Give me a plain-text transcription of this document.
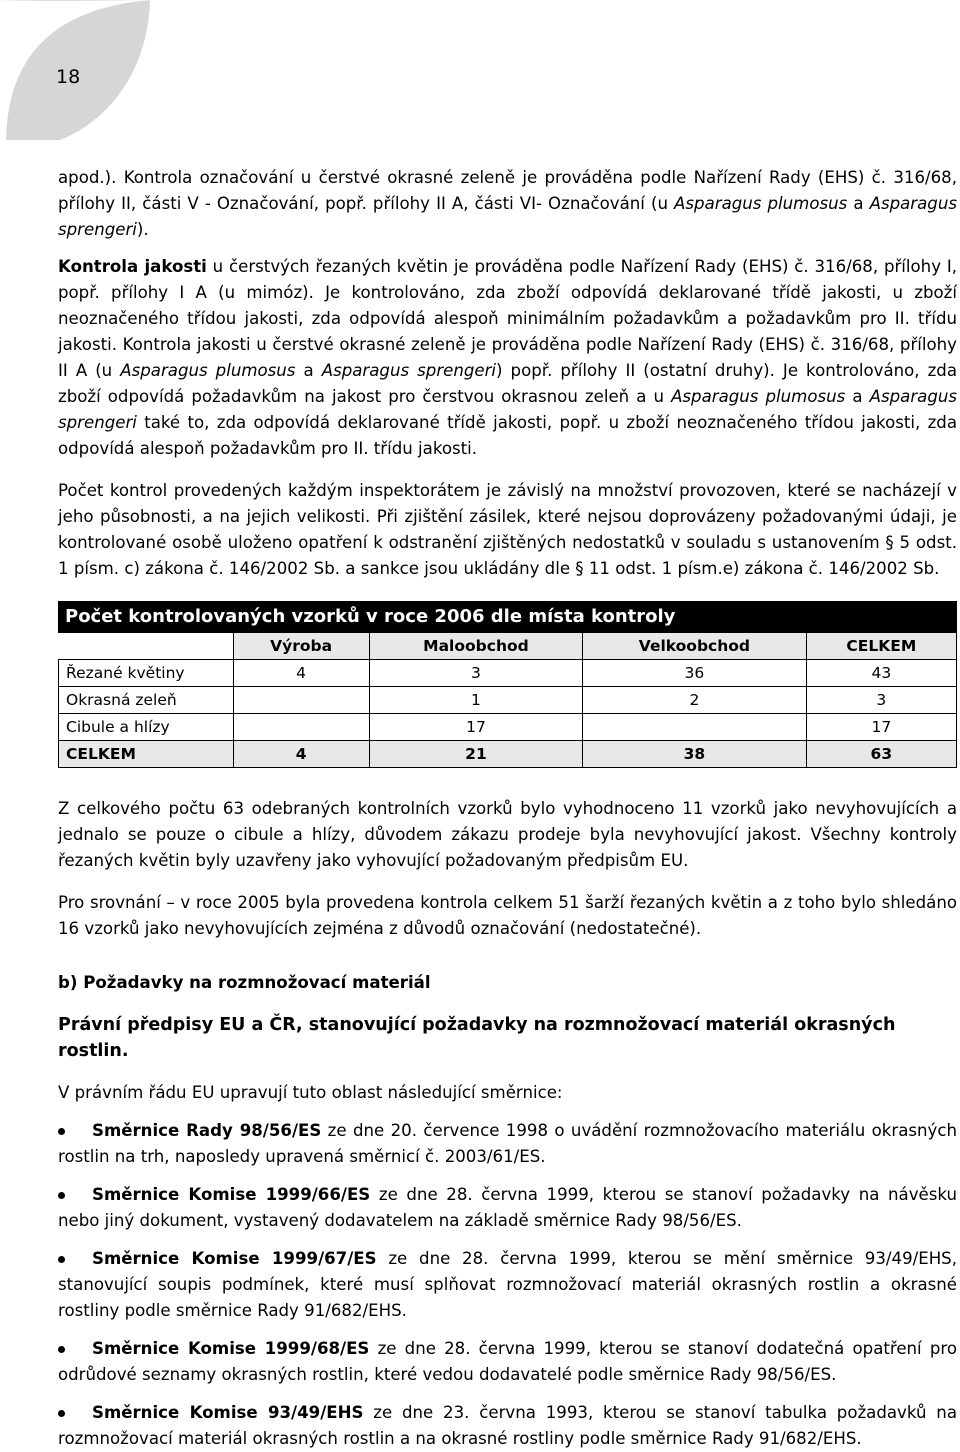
18

apod.). Kontrola označování u čerstvé okrasné zeleně je prováděna podle Nařízení Rady (EHS) č. 316/68, přílohy II, části V - Označování, popř. přílohy II A, části VI- Označování (u Asparagus plumosus a Asparagus sprengeri).

Kontrola jakosti u čerstvých řezaných květin je prováděna podle Nařízení Rady (EHS) č. 316/68, přílohy I, popř. přílohy I A (u mimóz). Je kontrolováno, zda zboží odpovídá deklarované třídě jakosti, u zboží neoznačeného třídou jakosti, zda odpovídá alespoň minimálním požadavkům a požadavkům pro II. třídu jakosti. Kontrola jakosti u čerstvé okrasné zeleně je prováděna podle Nařízení Rady (EHS) č. 316/68, přílohy II A (u Asparagus plumosus a Asparagus sprengeri) popř. přílohy II (ostatní druhy). Je kontrolováno, zda zboží odpovídá požadavkům na jakost pro čerstvou okrasnou zeleň a u Asparagus plumosus a Asparagus sprengeri také to, zda odpovídá deklarované třídě jakosti, popř. u zboží neoznačeného třídou jakosti, zda odpovídá alespoň požadavkům pro II. třídu jakosti.

Počet kontrol provedených každým inspektorátem je závislý na množství provozoven, které se nacházejí v jeho působnosti, a na jejich velikosti. Při zjištění zásilek, které nejsou doprovázeny požadovanými údaji, je kontrolované osobě uloženo opatření k odstranění zjištěných nedostatků v souladu s ustanovením § 5 odst. 1 písm. c) zákona č. 146/2002 Sb. a sankce jsou ukládány dle § 11 odst. 1 písm.e) zákona č. 146/2002 Sb.

Počet kontrolovaných vzorků v roce 2006 dle místa kontroly				
	Výroba	Maloobchod	Velkoobchod	CELKEM
Řezané květiny	4	3	36	43
Okrasná zeleň		1	2	3
Cibule a hlízy		17		17
CELKEM	4	21	38	63

Z celkového počtu 63 odebraných kontrolních vzorků bylo vyhodnoceno 11 vzorků jako nevyhovujících a jednalo se pouze o cibule a hlízy, důvodem zákazu prodeje byla nevyhovující jakost. Všechny kontroly řezaných květin byly uzavřeny jako vyhovující požadovaným předpisům EU.

Pro srovnání – v roce 2005 byla provedena kontrola celkem 51 šarží řezaných květin a z toho bylo shledáno 16 vzorků jako nevyhovujících zejména z důvodů označování (nedostatečné).

b) Požadavky na rozmnožovací materiál

Právní předpisy EU a ČR, stanovující požadavky na rozmnožovací materiál okrasných rostlin.

V právním řádu EU upravují tuto oblast následující směrnice:

Směrnice Rady 98/56/ES ze dne 20. července 1998 o uvádění rozmnožovacího materiálu okrasných rostlin na trh, naposledy upravená směrnicí č. 2003/61/ES.

Směrnice Komise 1999/66/ES ze dne 28. června 1999, kterou se stanoví požadavky na návěsku nebo jiný dokument, vystavený dodavatelem na základě směrnice Rady 98/56/ES.

Směrnice Komise 1999/67/ES ze dne 28. června 1999, kterou se mění směrnice 93/49/EHS, stanovující soupis podmínek, které musí splňovat rozmnožovací materiál okrasných rostlin a okrasné rostliny podle směrnice Rady 91/682/EHS.

Směrnice Komise 1999/68/ES ze dne 28. června 1999, kterou se stanoví dodatečná opatření pro odrůdové seznamy okrasných rostlin, které vedou dodavatelé podle směrnice Rady 98/56/ES.

Směrnice Komise 93/49/EHS ze dne 23. června 1993, kterou se stanoví tabulka požadavků na rozmnožovací materiál okrasných rostlin a na okrasné rostliny podle směrnice Rady 91/682/EHS.
